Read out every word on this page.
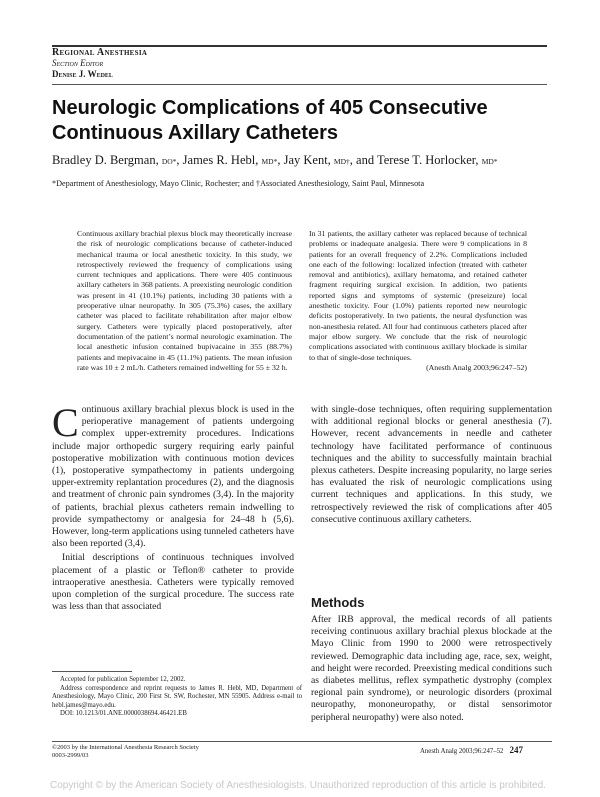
Regional Anesthesia
Section Editor
Denise J. Wedel
Neurologic Complications of 405 Consecutive Continuous Axillary Catheters
Bradley D. Bergman, DO*, James R. Hebl, MD*, Jay Kent, MD†, and Terese T. Horlocker, MD*
*Department of Anesthesiology, Mayo Clinic, Rochester; and †Associated Anesthesiology, Saint Paul, Minnesota
Continuous axillary brachial plexus block may theoretically increase the risk of neurologic complications because of catheter-induced mechanical trauma or local anesthetic toxicity. In this study, we retrospectively reviewed the frequency of complications using current techniques and applications. There were 405 continuous axillary catheters in 368 patients. A preexisting neurologic condition was present in 41 (10.1%) patients, including 30 patients with a preoperative ulnar neuropathy. In 305 (75.3%) cases, the axillary catheter was placed to facilitate rehabilitation after major elbow surgery. Catheters were typically placed postoperatively, after documentation of the patient’s normal neurologic examination. The local anesthetic infusion contained bupivacaine in 355 (88.7%) patients and mepivacaine in 45 (11.1%) patients. The mean infusion rate was 10 ± 2 mL/h. Catheters remained indwelling for 55 ± 32 h.
In 31 patients, the axillary catheter was replaced because of technical problems or inadequate analgesia. There were 9 complications in 8 patients for an overall frequency of 2.2%. Complications included one each of the following: localized infection (treated with catheter removal and antibiotics), axillary hematoma, and retained catheter fragment requiring surgical excision. In addition, two patients reported signs and symptoms of systemic (preseizure) local anesthetic toxicity. Four (1.0%) patients reported new neurologic deficits postoperatively. In two patients, the neural dysfunction was non-anesthesia related. All four had continuous catheters placed after major elbow surgery. We conclude that the risk of neurologic complications associated with continuous axillary blockade is similar to that of single-dose techniques.
(Anesth Analg 2003;96:247–52)
Continuous axillary brachial plexus block is used in the perioperative management of patients undergoing complex upper-extremity procedures. Indications include major orthopedic surgery requiring early painful postoperative mobilization with continuous motion devices (1), postoperative sympathectomy in patients undergoing upper-extremity replantation procedures (2), and the diagnosis and treatment of chronic pain syndromes (3,4). In the majority of patients, brachial plexus catheters remain indwelling to provide sympathectomy or analgesia for 24–48 h (5,6). However, long-term applications using tunneled catheters have also been reported (3,4).
Initial descriptions of continuous techniques involved placement of a plastic or Teflon® catheter to provide intraoperative anesthesia. Catheters were typically removed upon completion of the surgical procedure. The success rate was less than that associated
with single-dose techniques, often requiring supplementation with additional regional blocks or general anesthesia (7). However, recent advancements in needle and catheter technology have facilitated performance of continuous techniques and the ability to successfully maintain brachial plexus catheters. Despite increasing popularity, no large series has evaluated the risk of neurologic complications using current techniques and applications. In this study, we retrospectively reviewed the risk of complications after 405 consecutive continuous axillary catheters.
Methods
After IRB approval, the medical records of all patients receiving continuous axillary brachial plexus blockade at the Mayo Clinic from 1990 to 2000 were retrospectively reviewed. Demographic data including age, race, sex, weight, and height were recorded. Preexisting medical conditions such as diabetes mellitus, reflex sympathetic dystrophy (complex regional pain syndrome), or neurologic disorders (proximal neuropathy, mononeuropathy, or distal sensorimotor peripheral neuropathy) were also noted.
Accepted for publication September 12, 2002.
Address correspondence and reprint requests to James R. Hebl, MD, Department of Anesthesiology, Mayo Clinic, 200 First St. SW, Rochester, MN 55905. Address e-mail to hebl.james@mayo.edu.
DOI: 10.1213/01.ANE.0000038694.46421.EB
©2003 by the International Anesthesia Research Society
0003-2999/03
Anesth Analg 2003;96:247–52 247
Copyright © by the American Society of Anesthesiologists. Unauthorized reproduction of this article is prohibited.
